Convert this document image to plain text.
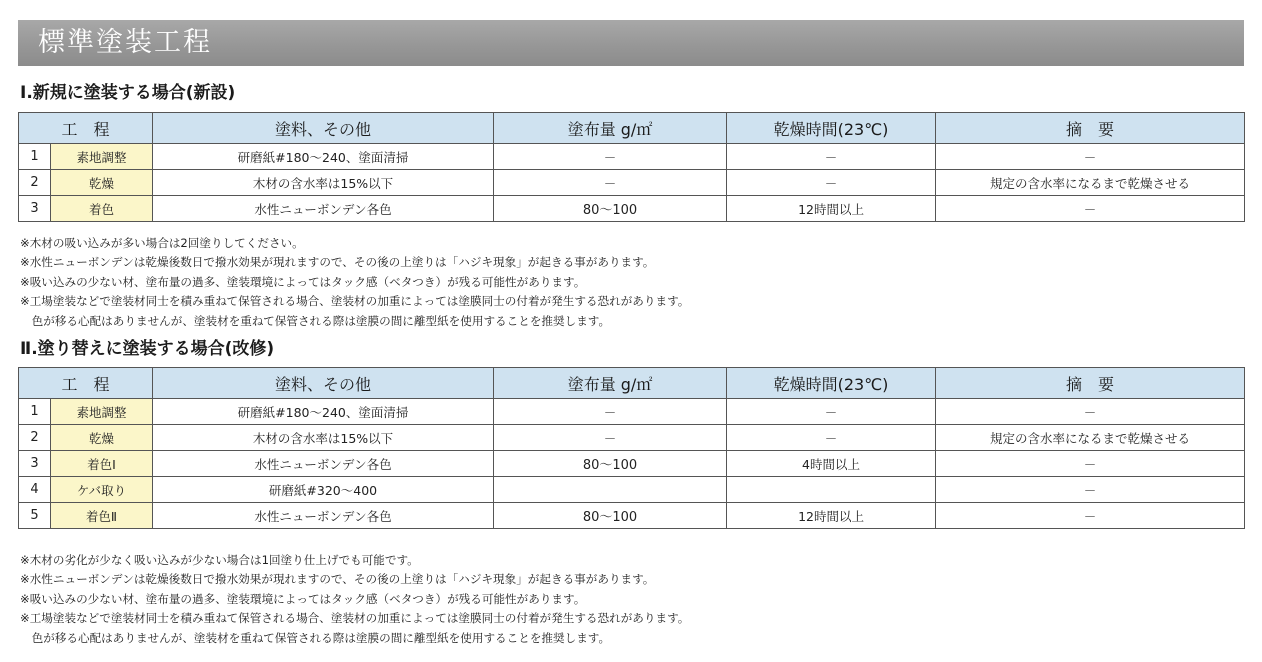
標準塗装工程
Ⅰ.新規に塗装する場合(新設)
工　程		塗料、その他	塗布量 g/㎡	乾燥時間(23℃)	摘　要
1	素地調整	研磨紙#180～240、塗面清掃	－	－	－
2	乾燥	木材の含水率は15%以下	－	－	規定の含水率になるまで乾燥させる
3	着色	水性ニューボンデン各色	80～100	12時間以上	－
※木材の吸い込みが多い場合は2回塗りしてください。
※水性ニューボンデンは乾燥後数日で撥水効果が現れますので、その後の上塗りは「ハジキ現象」が起きる事があります。
※吸い込みの少ない材、塗布量の過多、塗装環境によってはタック感（ベタつき）が残る可能性があります。
※工場塗装などで塗装材同士を積み重ねて保管される場合、塗装材の加重によっては塗膜同士の付着が発生する恐れがあります。
　色が移る心配はありませんが、塗装材を重ねて保管される際は塗膜の間に離型紙を使用することを推奨します。
Ⅱ.塗り替えに塗装する場合(改修)
工　程		塗料、その他	塗布量 g/㎡	乾燥時間(23℃)	摘　要
1	素地調整	研磨紙#180～240、塗面清掃	－	－	－
2	乾燥	木材の含水率は15%以下	－	－	規定の含水率になるまで乾燥させる
3	着色Ⅰ	水性ニューボンデン各色	80～100	4時間以上	－
4	ケバ取り	研磨紙#320～400			－
5	着色Ⅱ	水性ニューボンデン各色	80～100	12時間以上	－
※木材の劣化が少なく吸い込みが少ない場合は1回塗り仕上げでも可能です。
※水性ニューボンデンは乾燥後数日で撥水効果が現れますので、その後の上塗りは「ハジキ現象」が起きる事があります。
※吸い込みの少ない材、塗布量の過多、塗装環境によってはタック感（ベタつき）が残る可能性があります。
※工場塗装などで塗装材同士を積み重ねて保管される場合、塗装材の加重によっては塗膜同士の付着が発生する恐れがあります。
　色が移る心配はありませんが、塗装材を重ねて保管される際は塗膜の間に離型紙を使用することを推奨します。
